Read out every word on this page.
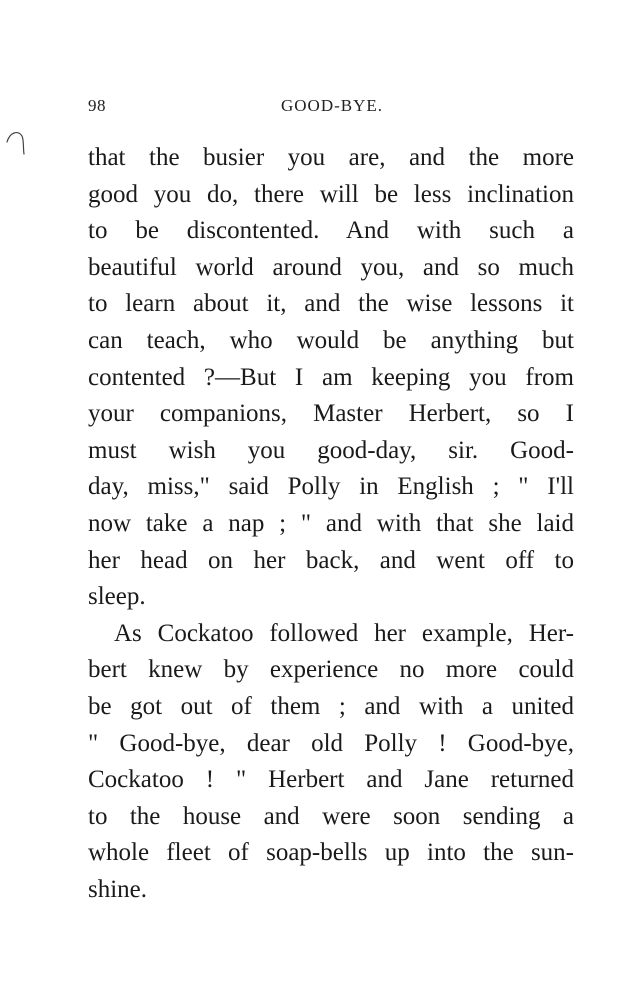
98	GOOD-BYE.
that the busier you are, and the more
good you do, there will be less inclination
to be discontented. And with such a
beautiful world around you, and so much
to learn about it, and the wise lessons it
can teach, who would be anything but
contented ?—But I am keeping you from
your companions, Master Herbert, so I
must wish you good-day, sir. Good-
day, miss," said Polly in English ; " I'll
now take a nap ; " and with that she laid
her head on her back, and went off to
sleep.
As Cockatoo followed her example, Her-
bert knew by experience no more could
be got out of them ; and with a united
" Good-bye, dear old Polly ! Good-bye,
Cockatoo ! " Herbert and Jane returned
to the house and were soon sending a
whole fleet of soap-bells up into the sun-
shine.
